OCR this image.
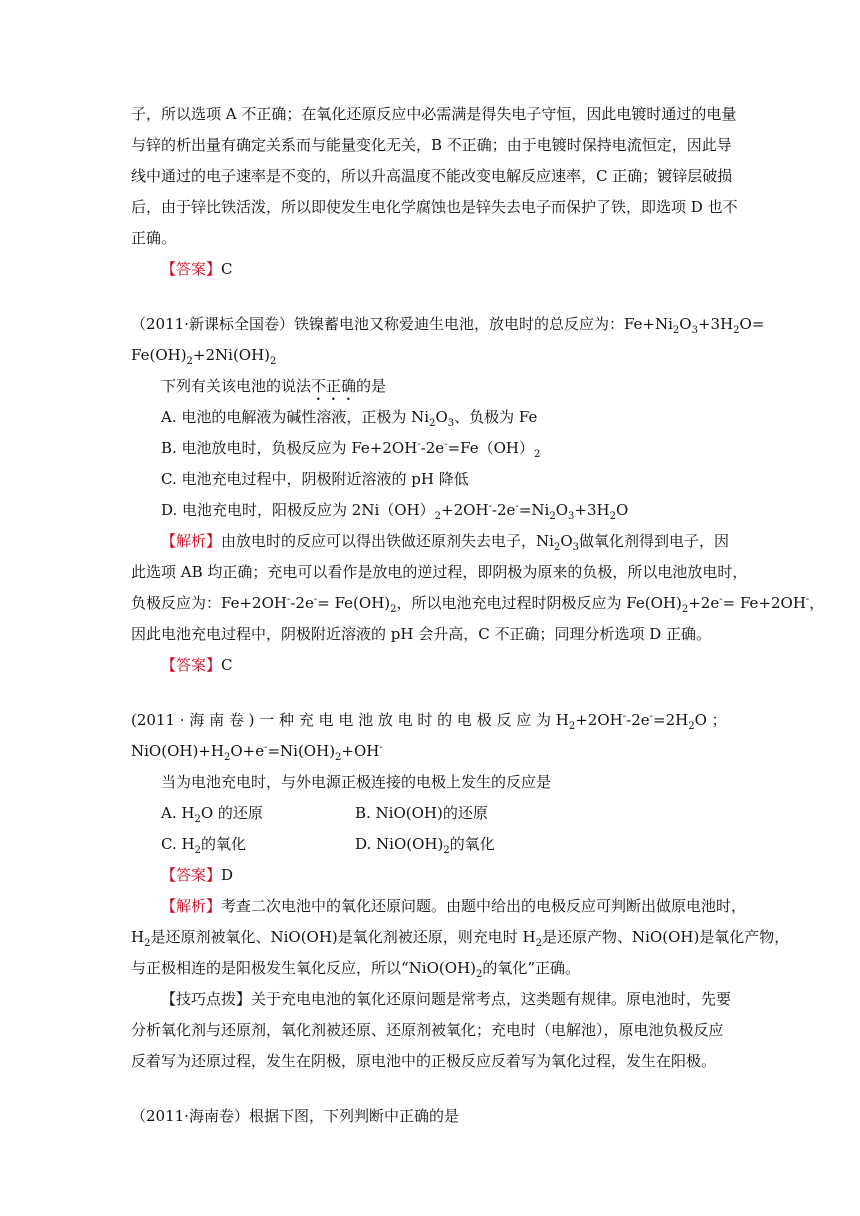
子，所以选项 A 不正确；在氧化还原反应中必需满是得失电子守恒，因此电镀时通过的电量
与锌的析出量有确定关系而与能量变化无关，B 不正确；由于电镀时保持电流恒定，因此导
线中通过的电子速率是不变的，所以升高温度不能改变电解反应速率，C 正确；镀锌层破损
后，由于锌比铁活泼，所以即使发生电化学腐蚀也是锌失去电子而保护了铁，即选项 D 也不
正确。
【答案】C
（2011·新课标全国卷）铁镍蓄电池又称爱迪生电池，放电时的总反应为：$Fe+Ni_2O_3+3H_2O=$
$Fe(OH)_2+2Ni(OH)_2$
下列有关该电池的说法不正确的是
A. 电池的电解液为碱性溶液，正极为 $Ni_2O_3$、负极为 Fe
B. 电池放电时，负极反应为 $Fe+2OH^--2e^-=Fe(OH)_2$
C. 电池充电过程中，阴极附近溶液的 pH 降低
D. 电池充电时，阳极反应为 $2Ni(OH)_2+2OH^--2e^-=Ni_2O_3+3H_2O$
【解析】由放电时的反应可以得出铁做还原剂失去电子，$Ni_2O_3$做氧化剂得到电子，因
此选项 AB 均正确；充电可以看作是放电的逆过程，即阴极为原来的负极，所以电池放电时，
负极反应为：$Fe+2OH^--2e^-= Fe(OH)_2$，所以电池充电过程时阴极反应为 $Fe(OH)_2+2e^-= Fe+2OH^-$，
因此电池充电过程中，阴极附近溶液的 pH 会升高，C 不正确；同理分析选项 D 正确。
【答案】C
(2011 · 海 南 卷 ) 一 种 充 电 电 池 放 电 时 的 电 极 反 应 为 $H_2+2OH^--2e^-=2H_2O$ ；
$NiO(OH)+H_2O+e^-=Ni(OH)_2+OH^-$
当为电池充电时，与外电源正极连接的电极上发生的反应是
A. $H_2O$ 的还原	B. NiO(OH)的还原
C. $H_2$的氧化	D. $NiO(OH)_2$的氧化
【答案】D
【解析】考查二次电池中的氧化还原问题。由题中给出的电极反应可判断出做原电池时，
$H_2$是还原剂被氧化、NiO(OH)是氧化剂被还原，则充电时 $H_2$是还原产物、NiO(OH)是氧化产物，
与正极相连的是阳极发生氧化反应，所以“$NiO(OH)_2$的氧化”正确。
【技巧点拨】关于充电电池的氧化还原问题是常考点，这类题有规律。原电池时，先要
分析氧化剂与还原剂，氧化剂被还原、还原剂被氧化；充电时（电解池），原电池负极反应
反着写为还原过程，发生在阴极，原电池中的正极反应反着写为氧化过程，发生在阳极。
（2011·海南卷）根据下图，下列判断中正确的是
